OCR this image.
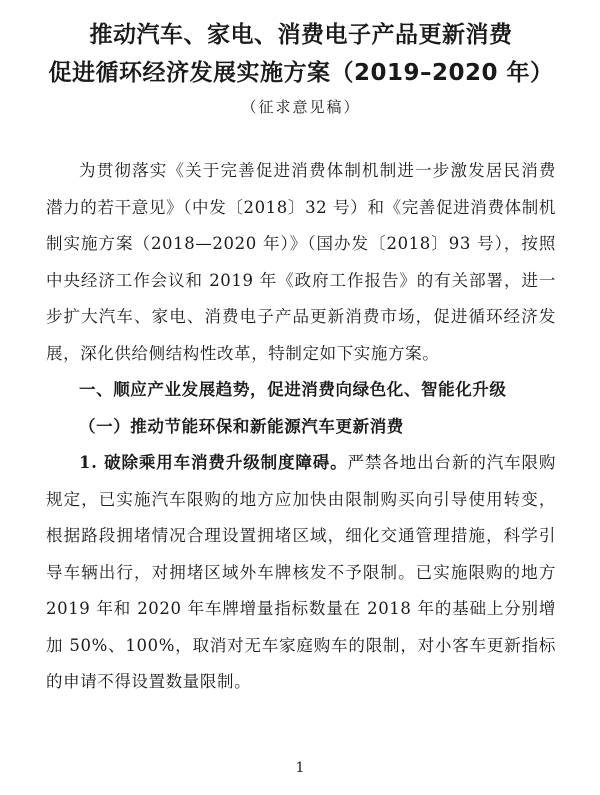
推动汽车、家电、消费电子产品更新消费
促进循环经济发展实施方案（2019–2020 年）
（征求意见稿）

为贯彻落实《关于完善促进消费体制机制进一步激发居民消费潜力的若干意见》（中发〔2018〕32 号）和《完善促进消费体制机制实施方案（2018—2020 年）》（国办发〔2018〕93 号），按照中央经济工作会议和 2019 年《政府工作报告》的有关部署，进一步扩大汽车、家电、消费电子产品更新消费市场，促进循环经济发展，深化供给侧结构性改革，特制定如下实施方案。

一、顺应产业发展趋势，促进消费向绿色化、智能化升级

（一）推动节能环保和新能源汽车更新消费

1. 破除乘用车消费升级制度障碍。严禁各地出台新的汽车限购规定，已实施汽车限购的地方应加快由限制购买向引导使用转变，根据路段拥堵情况合理设置拥堵区域，细化交通管理措施，科学引导车辆出行，对拥堵区域外车牌核发不予限制。已实施限购的地方 2019 年和 2020 年车牌增量指标数量在 2018 年的基础上分别增加 50%、100%，取消对无车家庭购车的限制，对小客车更新指标的申请不得设置数量限制。

1
